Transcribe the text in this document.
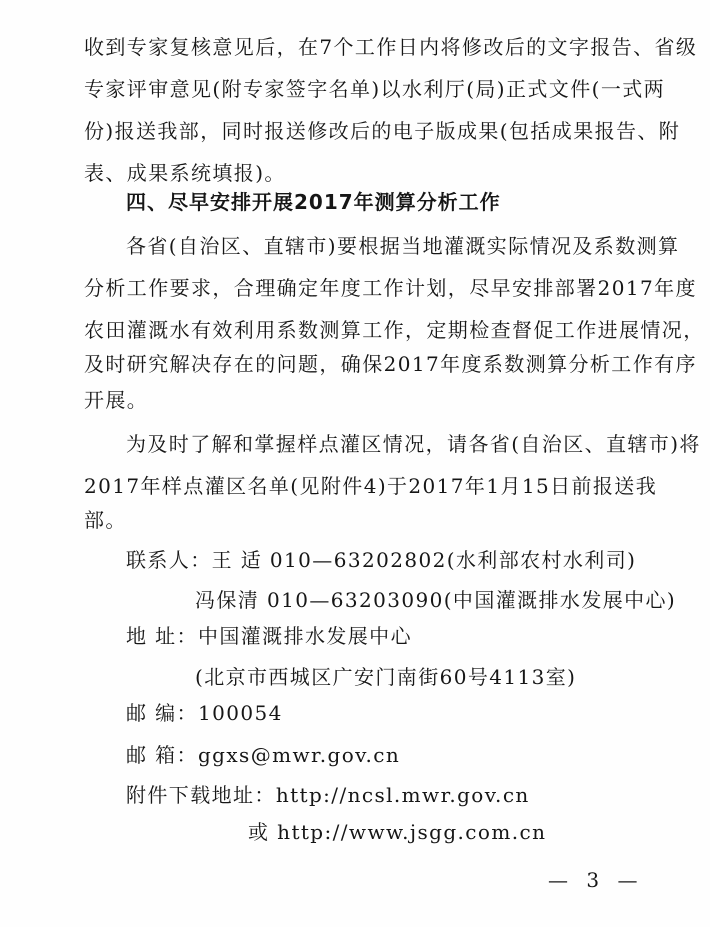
收到专家复核意见后，在7个工作日内将修改后的文字报告、省级
专家评审意见(附专家签字名单)以水利厅(局)正式文件(一式两
份)报送我部，同时报送修改后的电子版成果(包括成果报告、附
表、成果系统填报)。
四、尽早安排开展2017年测算分析工作
各省(自治区、直辖市)要根据当地灌溉实际情况及系数测算
分析工作要求，合理确定年度工作计划，尽早安排部署2017年度
农田灌溉水有效利用系数测算工作，定期检查督促工作进展情况，
及时研究解决存在的问题，确保2017年度系数测算分析工作有序
开展。
为及时了解和掌握样点灌区情况，请各省(自治区、直辖市)将
2017年样点灌区名单(见附件4)于2017年1月15日前报送我
部。
联系人：王 适 010—63202802(水利部农村水利司)
冯保清 010—63203090(中国灌溉排水发展中心)
地 址：中国灌溉排水发展中心
(北京市西城区广安门南街60号4113室)
邮 编：100054
邮 箱：ggxs@mwr.gov.cn
附件下载地址：http://ncsl.mwr.gov.cn
或 http://www.jsgg.com.cn
— 3 —
